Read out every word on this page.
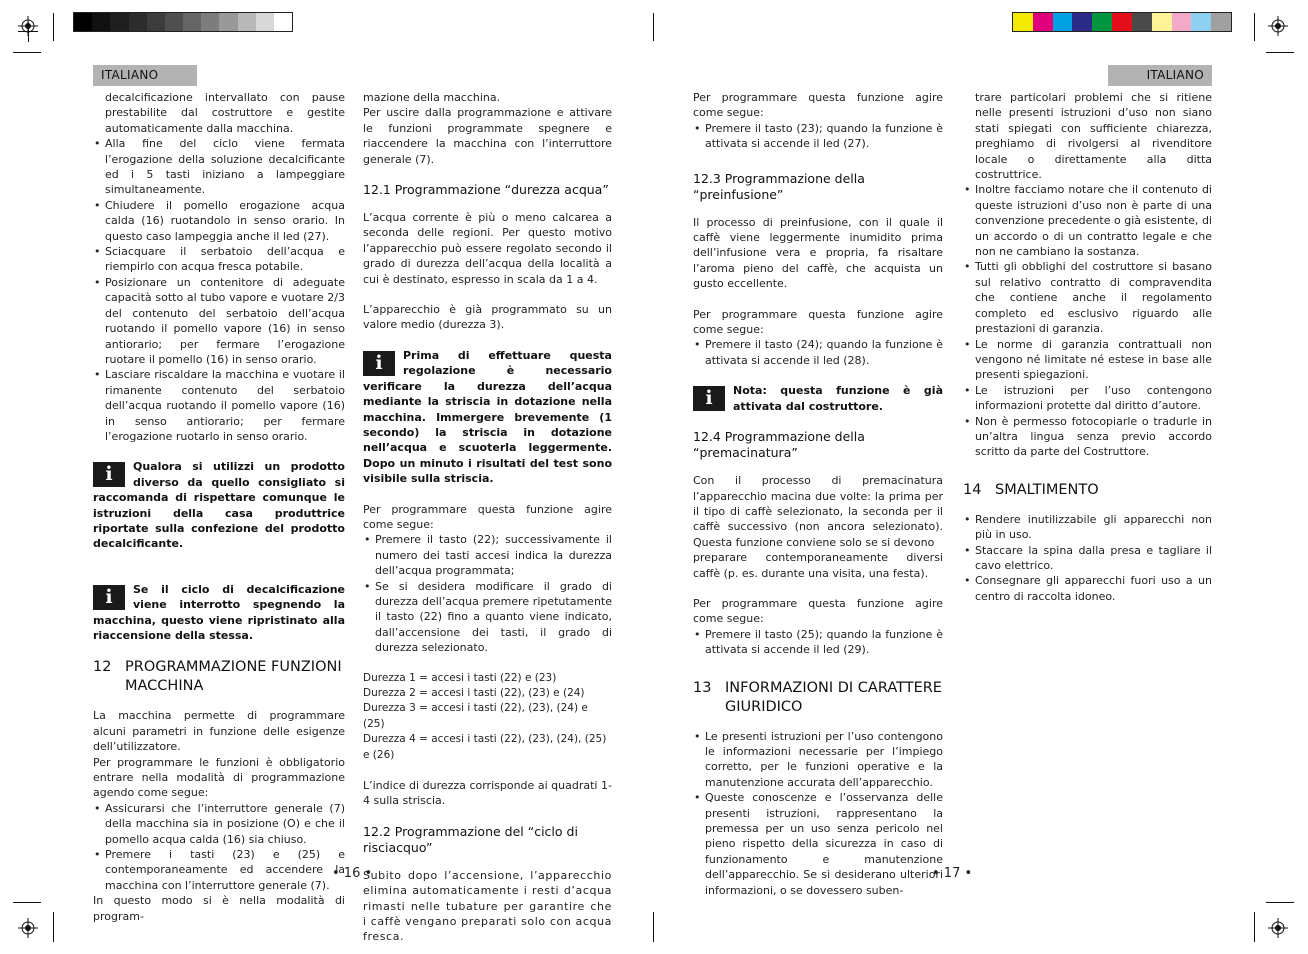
ITALIANO	ITALIANO

decalcificazione intervallato con pause prestabilite dal costruttore e gestite automaticamente dalla macchina.

• Alla fine del ciclo viene fermata l’erogazione della soluzione decalcificante ed i 5 tasti iniziano a lampeggiare simultaneamente.
• Chiudere il pomello erogazione acqua calda (16) ruotandolo in senso orario. In questo caso lampeggia anche il led (27).
• Sciacquare il serbatoio dell’acqua e riempirlo con acqua fresca potabile.
• Posizionare un contenitore di adeguate capacità sotto al tubo vapore e vuotare 2/3 del contenuto del serbatoio dell’acqua ruotando il pomello vapore (16) in senso antiorario; per fermare l’erogazione ruotare il pomello (16) in senso orario.
• Lasciare riscaldare la macchina e vuotare il rimanente contenuto del serbatoio dell’acqua ruotando il pomello vapore (16) in senso antiorario; per fermare l’erogazione ruotarlo in senso orario.
i	Qualora si utilizzi un prodotto diverso da quello consigliato si raccomanda di rispettare comunque le istruzioni della casa produttrice riportate sulla confezione del prodotto decalcificante.
i	Se il ciclo di decalcificazione viene interrotto spegnendo la macchina, questo viene ripristinato alla riaccensione della stessa.
12 PROGRAMMAZIONE FUNZIONI MACCHINA

La macchina permette di programmare alcuni parametri in funzione delle esigenze dell’utilizzatore.

Per programmare le funzioni è obbligatorio entrare nella modalità di programmazione agendo come segue:

• Assicurarsi che l’interruttore generale (7) della macchina sia in posizione (O) e che il pomello acqua calda (16) sia chiuso.
• Premere i tasti (23) e (25) e contemporaneamente ed accendere la macchina con l’interruttore generale (7).

In questo modo si è nella modalità di program-

mazione della macchina.

Per uscire dalla programmazione e attivare le funzioni programmate spegnere e riaccendere la macchina con l’interruttore generale (7).

12.1 Programmazione “durezza acqua”

L’acqua corrente è più o meno calcarea a seconda delle regioni. Per questo motivo l’apparecchio può essere regolato secondo il grado di durezza dell’acqua della località a cui è destinato, espresso in scala da 1 a 4.

L’apparecchio è già programmato su un valore medio (durezza 3).

i	Prima di effettuare questa regolazione è necessario verificare la durezza dell’acqua mediante la striscia in dotazione nella macchina. Immergere brevemente (1 secondo) la striscia in dotazione nell’acqua e scuoterla leggermente. Dopo un minuto i risultati del test sono visibile sulla striscia.

Per programmare questa funzione agire come segue:

• Premere il tasto (22); successivamente il numero dei tasti accesi indica la durezza dell’acqua programmata;
• Se si desidera modificare il grado di durezza dell’acqua premere ripetutamente il tasto (22) fino a quanto viene indicato, dall’accensione dei tasti, il grado di durezza selezionato.
Durezza 1 = accesi i tasti (22) e (23)
Durezza 2 = accesi i tasti (22), (23) e (24)
Durezza 3 = accesi i tasti (22), (23), (24) e (25)
Durezza 4 = accesi i tasti (22), (23), (24), (25) e (26)

L’indice di durezza corrisponde ai quadrati 1-4 sulla striscia.

12.2 Programmazione del “ciclo di risciacquo”

Subito dopo l’accensione, l’apparecchio elimina automaticamente i resti d’acqua rimasti nelle tubature per garantire che i caffè vengano preparati solo con acqua fresca.

Per programmare questa funzione agire come segue:

• Premere il tasto (23); quando la funzione è attivata si accende il led (27).
12.3 Programmazione della “preinfusione”

Il processo di preinfusione, con il quale il caffè viene leggermente inumidito prima dell’infusione vera e propria, fa risaltare l’aroma pieno del caffè, che acquista un gusto eccellente.

Per programmare questa funzione agire come segue:

• Premere il tasto (24); quando la funzione è attivata si accende il led (28).
i	Nota: questa funzione è già attivata dal costruttore.
12.4 Programmazione della “premacinatura”

Con il processo di premacinatura l’apparecchio macina due volte: la prima per il tipo di caffè selezionato, la seconda per il caffè successivo (non ancora selezionato). Questa funzione conviene solo se si devono

preparare contemporaneamente diversi caffè (p. es. durante una visita, una festa).

Per programmare questa funzione agire come segue:

• Premere il tasto (25); quando la funzione è attivata si accende il led (29).
13 INFORMAZIONI DI CARATTERE GIURIDICO
• Le presenti istruzioni per l’uso contengono le informazioni necessarie per l’impiego corretto, per le funzioni operative e la manutenzione accurata dell’apparecchio.
• Queste conoscenze e l’osservanza delle presenti istruzioni, rappresentano la premessa per un uso senza pericolo nel pieno rispetto della sicurezza in caso di funzionamento e manutenzione dell’apparecchio. Se si desiderano ulteriori informazioni, o se dovessero suben-

trare particolari problemi che si ritiene nelle presenti istruzioni d’uso non siano stati spiegati con sufficiente chiarezza, preghiamo di rivolgersi al rivenditore locale o direttamente alla ditta costruttrice.

• Inoltre facciamo notare che il contenuto di queste istruzioni d’uso non è parte di una convenzione precedente o già esistente, di un accordo o di un contratto legale e che non ne cambiano la sostanza.
• Tutti gli obblighi del costruttore si basano sul relativo contratto di compravendita che contiene anche il regolamento completo ed esclusivo riguardo alle prestazioni di garanzia.
• Le norme di garanzia contrattuali non vengono né limitate né estese in base alle presenti spiegazioni.
• Le istruzioni per l’uso contengono informazioni protette dal diritto d’autore.
• Non è permesso fotocopiarle o tradurle in un’altra lingua senza previo accordo scritto da parte del Costruttore.
14 SMALTIMENTO
• Rendere inutilizzabile gli apparecchi non più in uso.
• Staccare la spina dalla presa e tagliare il cavo elettrico.
• Consegnare gli apparecchi fuori uso a un centro di raccolta idoneo.
• 16 •	• 17 •
